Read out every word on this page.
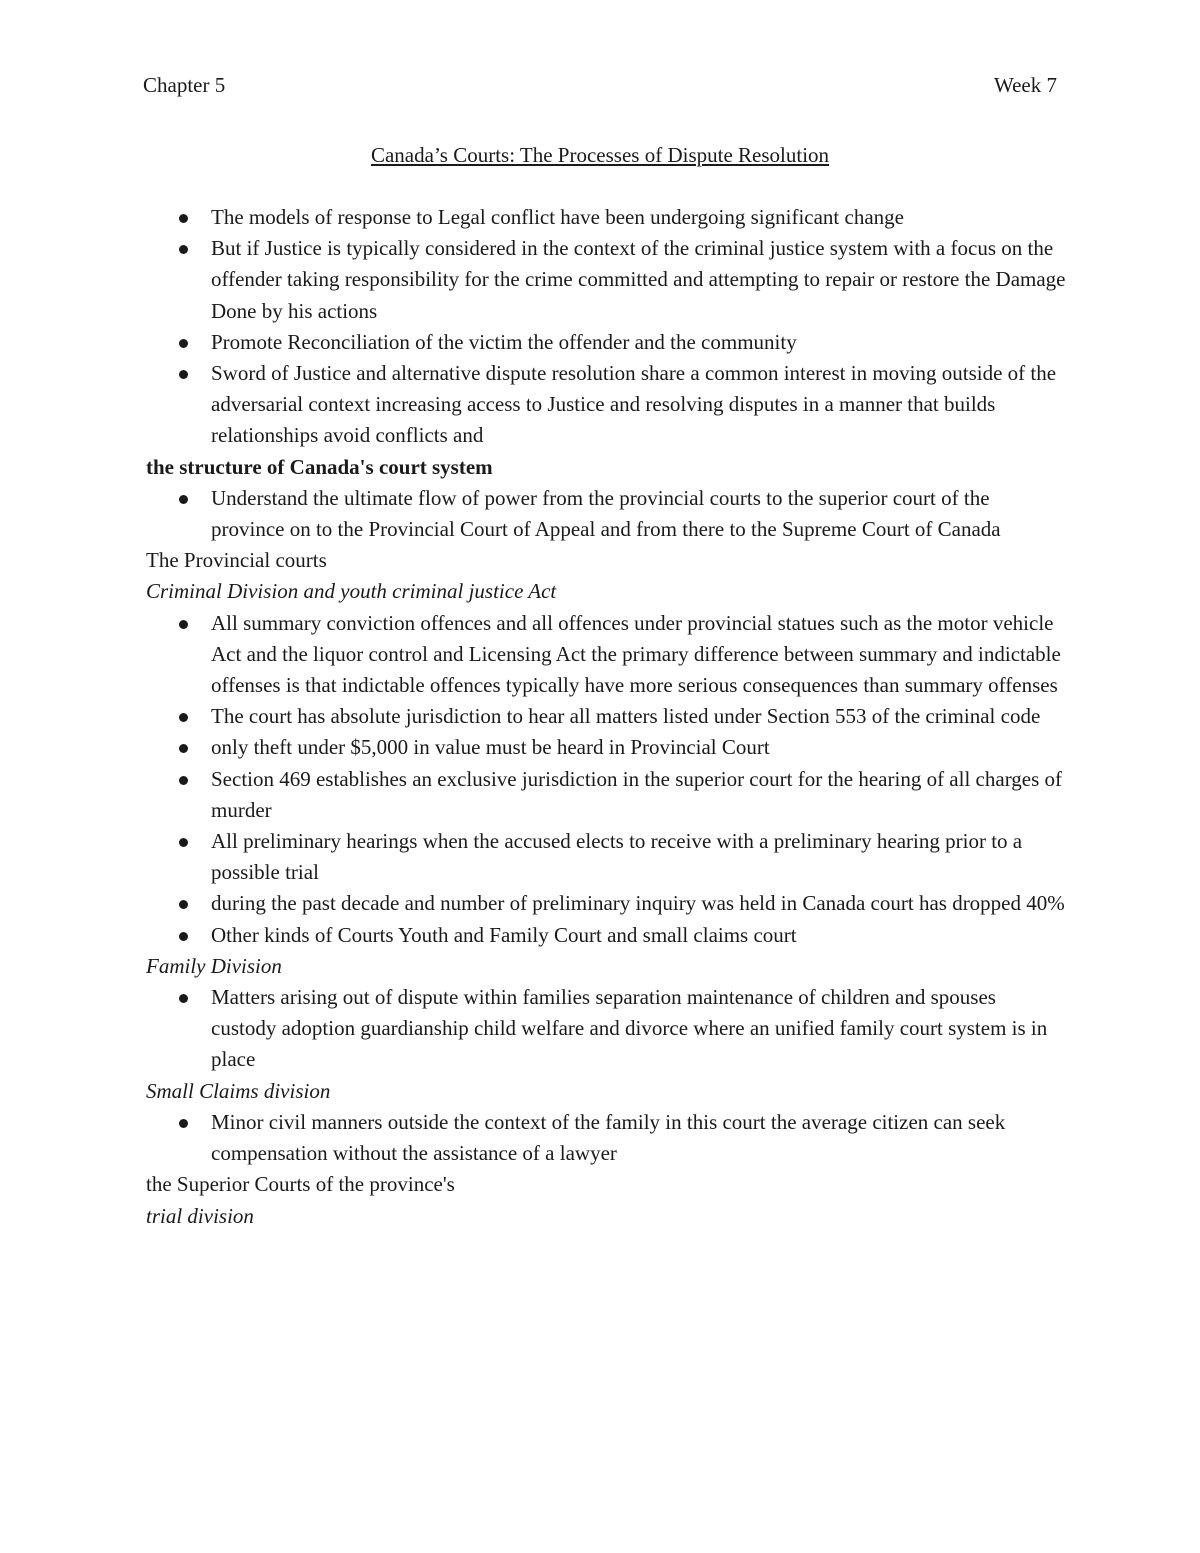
Chapter 5	Week 7
Canada’s Courts: The Processes of Dispute Resolution
The models of response to Legal conflict have been undergoing significant change
But if Justice is typically considered in the context of the criminal justice system with a focus on the offender taking responsibility for the crime committed and attempting to repair or restore the Damage Done by his actions
Promote Reconciliation of the victim the offender and the community
Sword of Justice and alternative dispute resolution share a common interest in moving outside of the adversarial context increasing access to Justice and resolving disputes in a manner that builds relationships avoid conflicts and

the structure of Canada's court system

Understand the ultimate flow of power from the provincial courts to the superior court of the province on to the Provincial Court of Appeal and from there to the Supreme Court of Canada

The Provincial courts

Criminal Division and youth criminal justice Act

All summary conviction offences and all offences under provincial statues such as the motor vehicle Act and the liquor control and Licensing Act the primary difference between summary and indictable offenses is that indictable offences typically have more serious consequences than summary offenses
The court has absolute jurisdiction to hear all matters listed under Section 553 of the criminal code
only theft under $5,000 in value must be heard in Provincial Court
Section 469 establishes an exclusive jurisdiction in the superior court for the hearing of all charges of murder
All preliminary hearings when the accused elects to receive with a preliminary hearing prior to a possible trial
during the past decade and number of preliminary inquiry was held in Canada court has dropped 40%
Other kinds of Courts Youth and Family Court and small claims court

Family Division

Matters arising out of dispute within families separation maintenance of children and spouses custody adoption guardianship child welfare and divorce where an unified family court system is in place

Small Claims division

Minor civil manners outside the context of the family in this court the average citizen can seek compensation without the assistance of a lawyer

the Superior Courts of the province's

trial division
